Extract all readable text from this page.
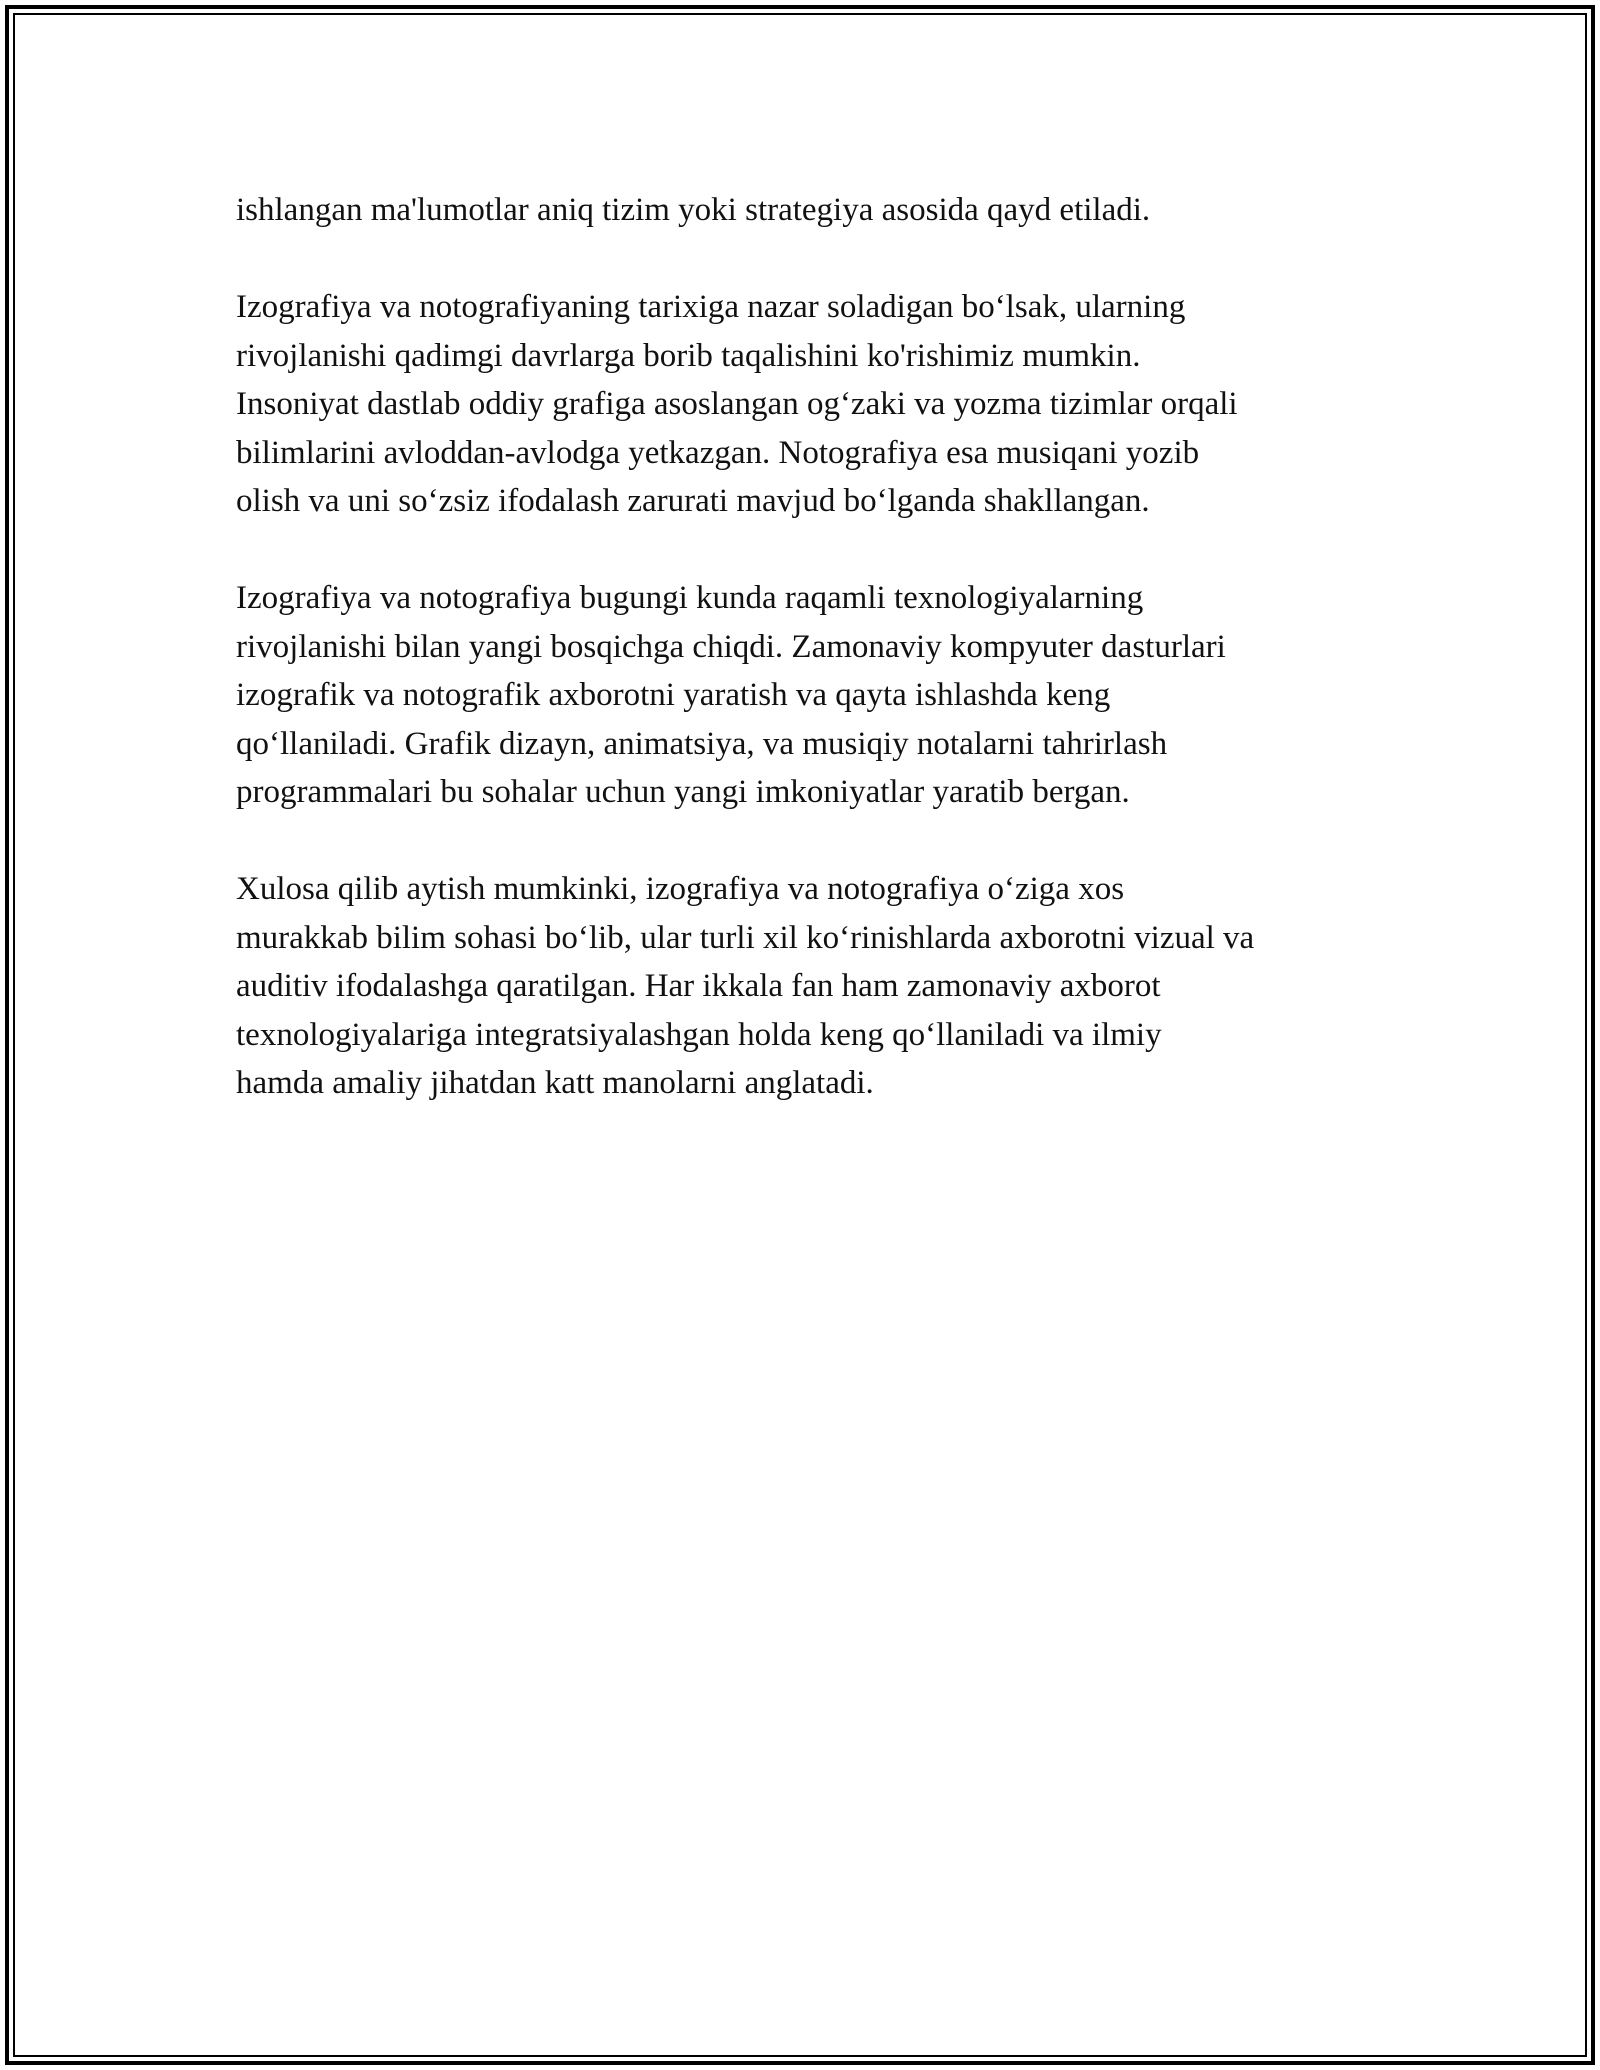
ishlangan ma'lumotlar aniq tizim yoki strategiya asosida qayd etiladi.

Izografiya va notografiyaning tarixiga nazar soladigan bo‘lsak, ularning
rivojlanishi qadimgi davrlarga borib taqalishini ko'rishimiz mumkin.
Insoniyat dastlab oddiy grafiga asoslangan og‘zaki va yozma tizimlar orqali
bilimlarini avloddan-avlodga yetkazgan. Notografiya esa musiqani yozib
olish va uni so‘zsiz ifodalash zarurati mavjud bo‘lganda shakllangan.

Izografiya va notografiya bugungi kunda raqamli texnologiyalarning
rivojlanishi bilan yangi bosqichga chiqdi. Zamonaviy kompyuter dasturlari
izografik va notografik axborotni yaratish va qayta ishlashda keng
qo‘llaniladi. Grafik dizayn, animatsiya, va musiqiy notalarni tahrirlash
programmalari bu sohalar uchun yangi imkoniyatlar yaratib bergan.

Xulosa qilib aytish mumkinki, izografiya va notografiya o‘ziga xos
murakkab bilim sohasi bo‘lib, ular turli xil ko‘rinishlarda axborotni vizual va
auditiv ifodalashga qaratilgan. Har ikkala fan ham zamonaviy axborot
texnologiyalariga integratsiyalashgan holda keng qo‘llaniladi va ilmiy
hamda amaliy jihatdan katt manolarni anglatadi.
